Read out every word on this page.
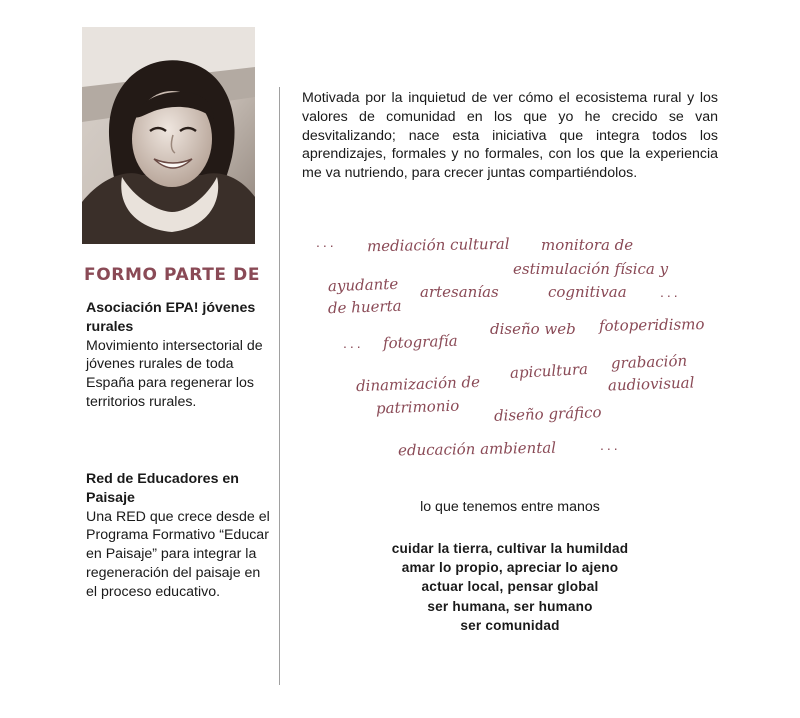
FORMO PARTE DE
Asociación EPA! jóvenes rurales
Movimiento intersectorial de jóvenes rurales de toda España para regenerar los territorios rurales.
Red de Educadores en Paisaje
Una RED que crece desde el Programa Formativo “Educar en Paisaje” para integrar la regeneración del paisaje en el proceso educativo.

Motivada por la inquietud de ver cómo el ecosistema rural y los valores de comunidad en los que yo he crecido se van desvitalizando; nace esta iniciativa que integra todos los aprendizajes, formales y no formales, con los que la experiencia me va nutriendo, para crecer juntas compartiéndolos.

... mediación cultural monitora de
estimulación física y
cognitivaa
ayudante
de huerta
artesanías	...
... fotografía
diseño web fotoperidismo
dinamización de
patrimonio
apicultura grabación
audiovisual
diseño gráfico
educación ambiental	...

lo que tenemos entre manos

cuidar la tierra, cultivar la humildad
amar lo propio, apreciar lo ajeno
actuar local, pensar global
ser humana, ser humano
ser comunidad
